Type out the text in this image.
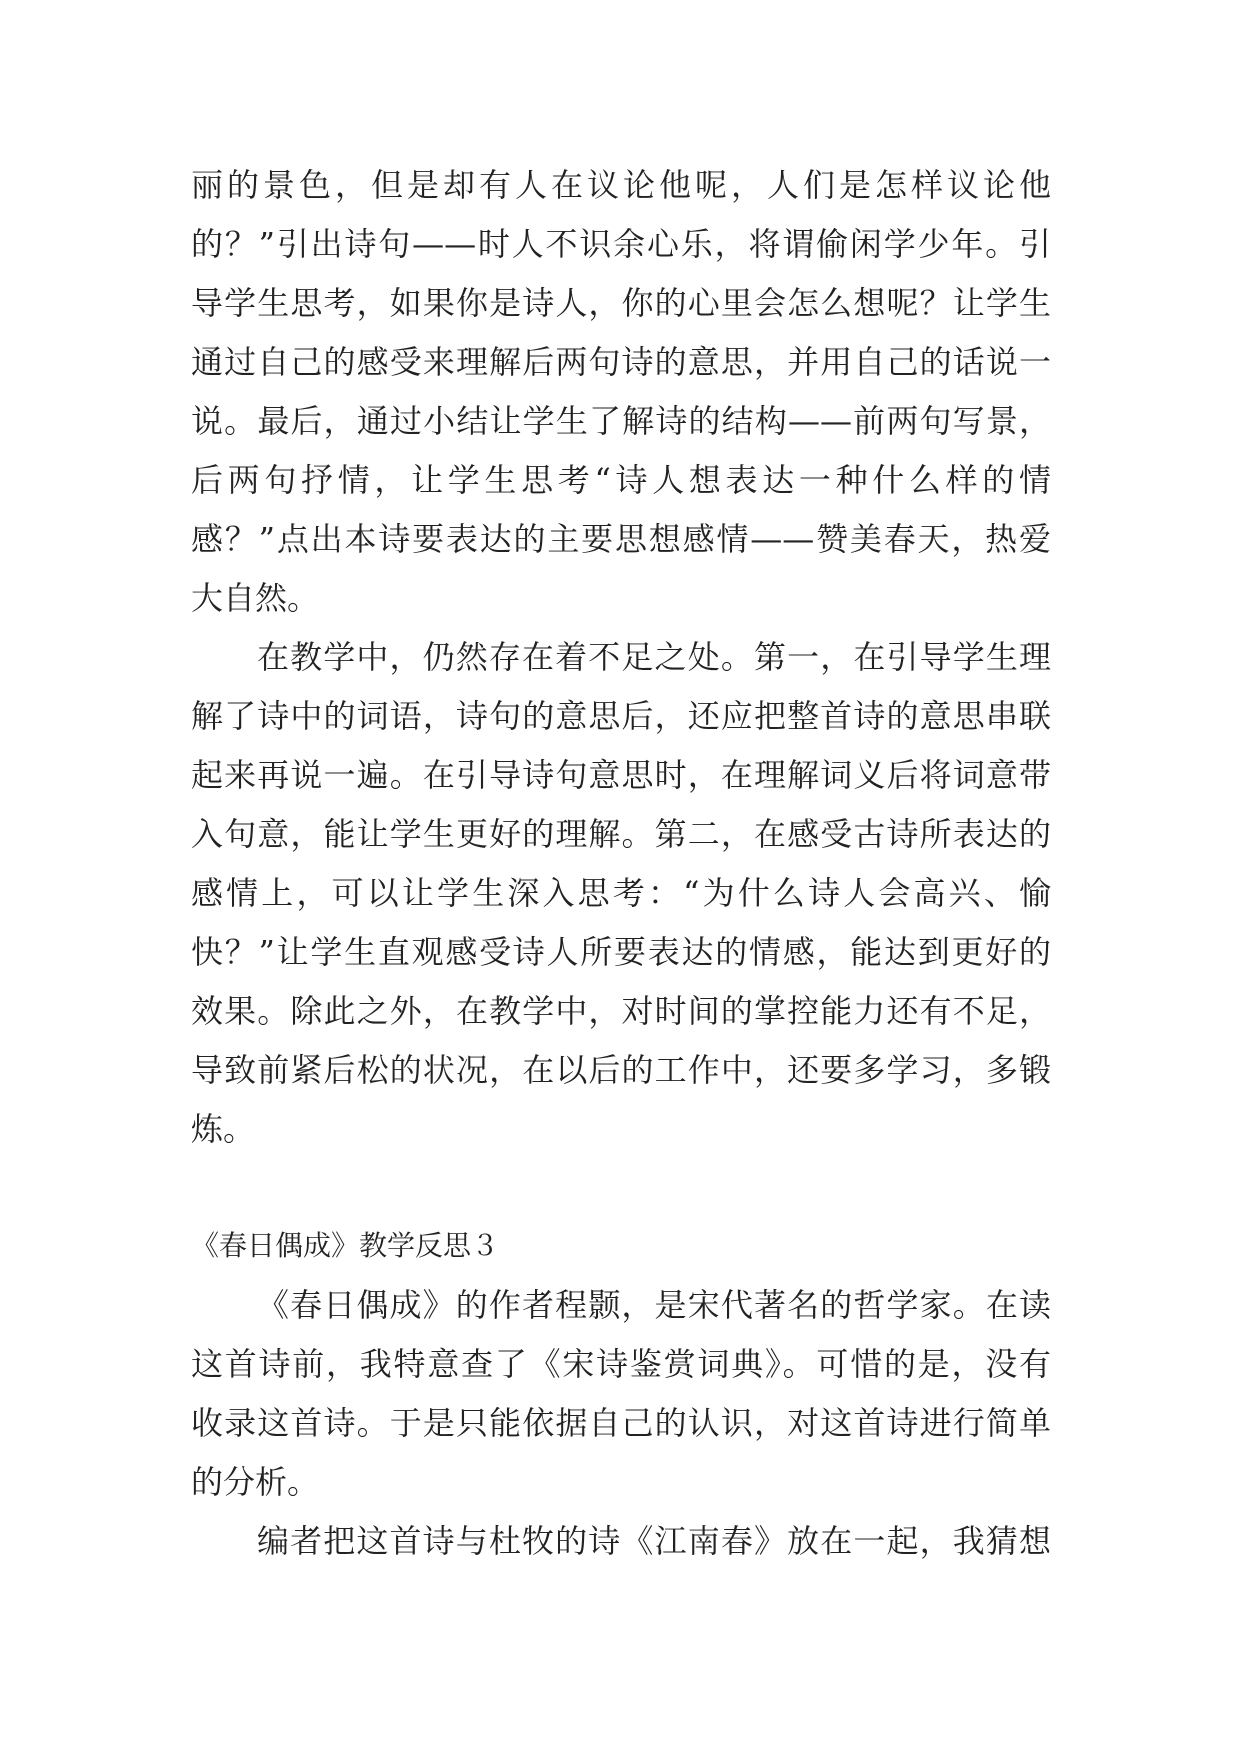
丽的景色，但是却有人在议论他呢，人们是怎样议论他
的？”引出诗句——时人不识余心乐，将谓偷闲学少年。引
导学生思考，如果你是诗人，你的心里会怎么想呢？让学生
通过自己的感受来理解后两句诗的意思，并用自己的话说一
说。最后，通过小结让学生了解诗的结构——前两句写景，
后两句抒情，让学生思考“诗人想表达一种什么样的情
感？”点出本诗要表达的主要思想感情——赞美春天，热爱
大自然。
在教学中，仍然存在着不足之处。第一，在引导学生理
解了诗中的词语，诗句的意思后，还应把整首诗的意思串联
起来再说一遍。在引导诗句意思时，在理解词义后将词意带
入句意，能让学生更好的理解。第二，在感受古诗所表达的
感情上，可以让学生深入思考：“为什么诗人会高兴、愉
快？”让学生直观感受诗人所要表达的情感，能达到更好的
效果。除此之外，在教学中，对时间的掌控能力还有不足，
导致前紧后松的状况，在以后的工作中，还要多学习，多锻
炼。
《春日偶成》教学反思３
《春日偶成》的作者程颢，是宋代著名的哲学家。在读
这首诗前，我特意查了《宋诗鉴赏词典》。可惜的是，没有
收录这首诗。于是只能依据自己的认识，对这首诗进行简单
的分析。
编者把这首诗与杜牧的诗《江南春》放在一起，我猜想
